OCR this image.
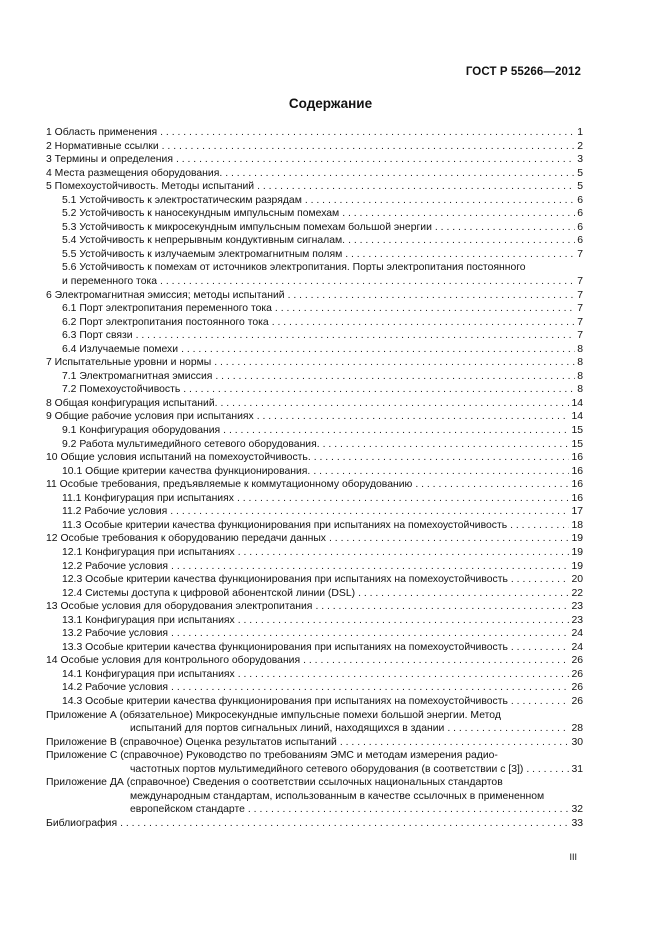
ГОСТ Р 55266—2012
Содержание
1 Область применения . . .	1
2 Нормативные ссылки . . .	2
3 Термины и определения . . .	3
4 Места размещения оборудования. . . .	5
5 Помехоустойчивость. Методы испытаний . . .	5
5.1 Устойчивость к электростатическим разрядам . . .	6
5.2 Устойчивость к наносекундным импульсным помехам . . .	6
5.3 Устойчивость к микросекундным импульсным помехам большой энергии . . .	6
5.4 Устойчивость к непрерывным кондуктивным сигналам. . . .	6
5.5 Устойчивость к излучаемым электромагнитным полям . . .	7
5.6 Устойчивость к помехам от источников электропитания. Порты электропитания постоянного
и переменного тока . . .	7
6 Электромагнитная эмиссия; методы испытаний . . .	7
6.1 Порт электропитания переменного тока . . .	7
6.2 Порт электропитания постоянного тока . . .	7
6.3 Порт связи . . .	7
6.4 Излучаемые помехи . . .	8
7 Испытательные уровни и нормы . . .	8
7.1 Электромагнитная эмиссия . . .	8
7.2 Помехоустойчивость . . .	8
8 Общая конфигурация испытаний. . . .	14
9 Общие рабочие условия при испытаниях . . .	14
9.1 Конфигурация оборудования . . .	15
9.2 Работа мультимедийного сетевого оборудования. . . .	15
10 Общие условия испытаний на помехоустойчивость. . . .	16
10.1 Общие критерии качества функционирования. . . .	16
11 Особые требования, предъявляемые к коммутационному оборудованию . . .	16
11.1 Конфигурация при испытаниях . . .	16
11.2 Рабочие условия . . .	17
11.3 Особые критерии качества функционирования при испытаниях на помехоустойчивость . . .	18
12 Особые требования к оборудованию передачи данных . . .	19
12.1 Конфигурация при испытаниях . . .	19
12.2 Рабочие условия . . .	19
12.3 Особые критерии качества функционирования при испытаниях на помехоустойчивость . . .	20
12.4 Системы доступа к цифровой абонентской линии (DSL) . . .	22
13 Особые условия для оборудования электропитания . . .	23
13.1 Конфигурация при испытаниях . . .	23
13.2 Рабочие условия . . .	24
13.3 Особые критерии качества функционирования при испытаниях на помехоустойчивость . . .	24
14 Особые условия для контрольного оборудования . . .	26
14.1 Конфигурация при испытаниях . . .	26
14.2 Рабочие условия . . .	26
14.3 Особые критерии качества функционирования при испытаниях на помехоустойчивость . . .	26
Приложение А (обязательное) Микросекундные импульсные помехи большой энергии. Метод
испытаний для портов сигнальных линий, находящихся в здании . . .	28
Приложение В (справочное) Оценка результатов испытаний . . .	30
Приложение С (справочное) Руководство по требованиям ЭМС и методам измерения радио-
частотных портов мультимедийного сетевого оборудования (в соответствии с [3]) . . .	31
Приложение ДА (справочное) Сведения о соответствии ссылочных национальных стандартов
международным стандартам, использованным в качестве ссылочных в примененном
европейском стандарте . . .	32
Библиография . . .	33
III
